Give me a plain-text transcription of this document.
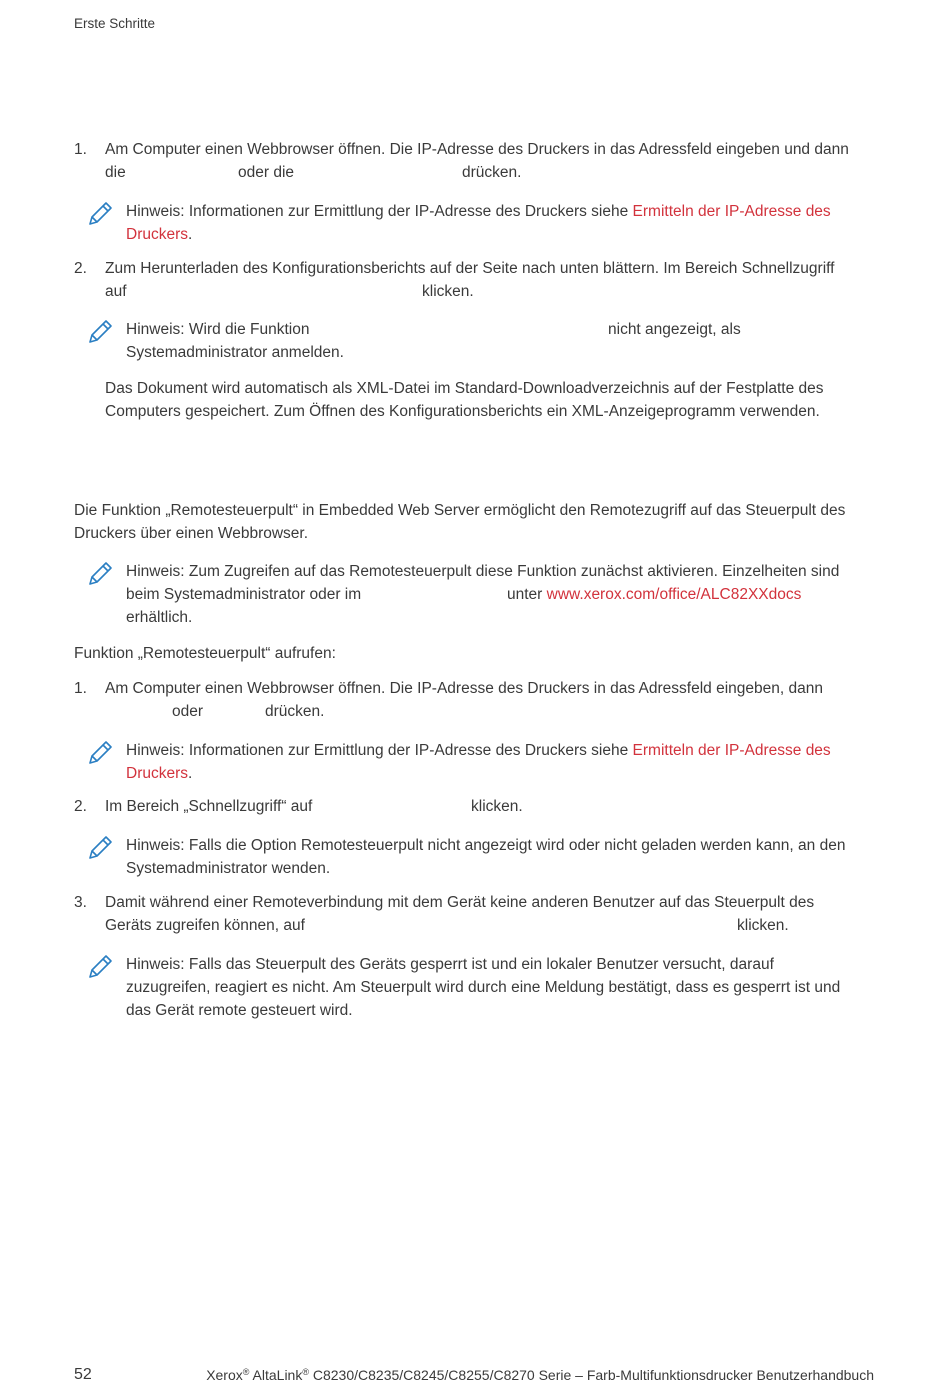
Erste Schritte
1. Am Computer einen Webbrowser öffnen. Die IP-Adresse des Druckers in das Adressfeld eingeben und dann
die	oder die	drücken.
Hinweis: Informationen zur Ermittlung der IP-Adresse des Druckers siehe Ermitteln der IP-Adresse des
Druckers.
2. Zum Herunterladen des Konfigurationsberichts auf der Seite nach unten blättern. Im Bereich Schnellzugriff
auf	klicken.
Hinweis: Wird die Funktion	nicht angezeigt, als
Systemadministrator anmelden.
Das Dokument wird automatisch als XML-Datei im Standard-Downloadverzeichnis auf der Festplatte des
Computers gespeichert. Zum Öffnen des Konfigurationsberichts ein XML-Anzeigeprogramm verwenden.
Die Funktion „Remotesteuerpult“ in Embedded Web Server ermöglicht den Remotezugriff auf das Steuerpult des
Druckers über einen Webbrowser.
Hinweis: Zum Zugreifen auf das Remotesteuerpult diese Funktion zunächst aktivieren. Einzelheiten sind
beim Systemadministrator oder im	unter www.xerox.com/office/ALC82XXdocs
erhältlich.
Funktion „Remotesteuerpult“ aufrufen:
1. Am Computer einen Webbrowser öffnen. Die IP-Adresse des Druckers in das Adressfeld eingeben, dann
oder	drücken.
Hinweis: Informationen zur Ermittlung der IP-Adresse des Druckers siehe Ermitteln der IP-Adresse des
Druckers.
2. Im Bereich „Schnellzugriff“ auf	klicken.
Hinweis: Falls die Option Remotesteuerpult nicht angezeigt wird oder nicht geladen werden kann, an den
Systemadministrator wenden.
3. Damit während einer Remoteverbindung mit dem Gerät keine anderen Benutzer auf das Steuerpult des
Geräts zugreifen können, auf	klicken.
Hinweis: Falls das Steuerpult des Geräts gesperrt ist und ein lokaler Benutzer versucht, darauf
zuzugreifen, reagiert es nicht. Am Steuerpult wird durch eine Meldung bestätigt, dass es gesperrt ist und
das Gerät remote gesteuert wird.
52	Xerox® AltaLink® C8230/C8235/C8245/C8255/C8270 Serie – Farb-Multifunktionsdrucker Benutzerhandbuch
